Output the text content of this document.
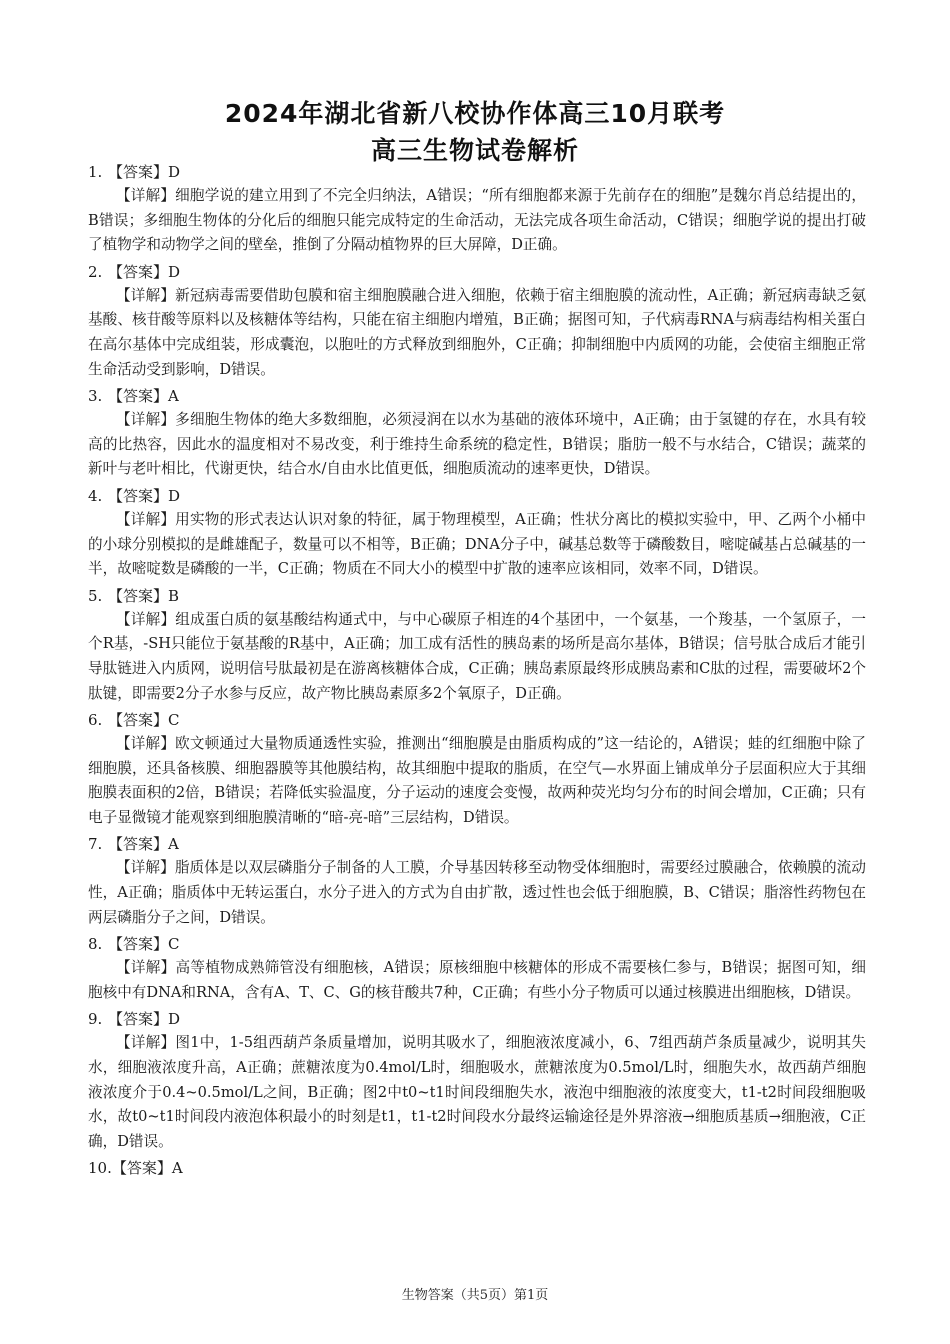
2024年湖北省新八校协作体高三10月联考
高三生物试卷解析
1. 【答案】D
【详解】细胞学说的建立用到了不完全归纳法，A错误；“所有细胞都来源于先前存在的细胞”是魏尔肖总结提出的，B错误；多细胞生物体的分化后的细胞只能完成特定的生命活动，无法完成各项生命活动，C错误；细胞学说的提出打破了植物学和动物学之间的壁垒，推倒了分隔动植物界的巨大屏障，D正确。
2. 【答案】D
【详解】新冠病毒需要借助包膜和宿主细胞膜融合进入细胞，依赖于宿主细胞膜的流动性，A正确；新冠病毒缺乏氨基酸、核苷酸等原料以及核糖体等结构，只能在宿主细胞内增殖，B正确；据图可知，子代病毒RNA与病毒结构相关蛋白在高尔基体中完成组装，形成囊泡，以胞吐的方式释放到细胞外，C正确；抑制细胞中内质网的功能，会使宿主细胞正常生命活动受到影响，D错误。
3. 【答案】A
【详解】多细胞生物体的绝大多数细胞，必须浸润在以水为基础的液体环境中，A正确；由于氢键的存在，水具有较高的比热容，因此水的温度相对不易改变，利于维持生命系统的稳定性，B错误；脂肪一般不与水结合，C错误；蔬菜的新叶与老叶相比，代谢更快，结合水/自由水比值更低，细胞质流动的速率更快，D错误。
4. 【答案】D
【详解】用实物的形式表达认识对象的特征，属于物理模型，A正确；性状分离比的模拟实验中，甲、乙两个小桶中的小球分别模拟的是雌雄配子，数量可以不相等，B正确；DNA分子中，碱基总数等于磷酸数目，嘧啶碱基占总碱基的一半，故嘧啶数是磷酸的一半，C正确；物质在不同大小的模型中扩散的速率应该相同，效率不同，D错误。
5. 【答案】B
【详解】组成蛋白质的氨基酸结构通式中，与中心碳原子相连的4个基团中，一个氨基，一个羧基，一个氢原子，一个R基，-SH只能位于氨基酸的R基中，A正确；加工成有活性的胰岛素的场所是高尔基体，B错误；信号肽合成后才能引导肽链进入内质网，说明信号肽最初是在游离核糖体合成，C正确；胰岛素原最终形成胰岛素和C肽的过程，需要破坏2个肽键，即需要2分子水参与反应，故产物比胰岛素原多2个氧原子，D正确。
6. 【答案】C
【详解】欧文顿通过大量物质通透性实验，推测出“细胞膜是由脂质构成的”这一结论的，A错误；蛙的红细胞中除了细胞膜，还具备核膜、细胞器膜等其他膜结构，故其细胞中提取的脂质，在空气—水界面上铺成单分子层面积应大于其细胞膜表面积的2倍，B错误；若降低实验温度，分子运动的速度会变慢，故两种荧光均匀分布的时间会增加，C正确；只有电子显微镜才能观察到细胞膜清晰的“暗-亮-暗”三层结构，D错误。
7. 【答案】A
【详解】脂质体是以双层磷脂分子制备的人工膜，介导基因转移至动物受体细胞时，需要经过膜融合，依赖膜的流动性，A正确；脂质体中无转运蛋白，水分子进入的方式为自由扩散，透过性也会低于细胞膜，B、C错误；脂溶性药物包在两层磷脂分子之间，D错误。
8. 【答案】C
【详解】高等植物成熟筛管没有细胞核，A错误；原核细胞中核糖体的形成不需要核仁参与，B错误；据图可知，细胞核中有DNA和RNA，含有A、T、C、G的核苷酸共7种，C正确；有些小分子物质可以通过核膜进出细胞核，D错误。
9. 【答案】D
【详解】图1中，1-5组西葫芦条质量增加，说明其吸水了，细胞液浓度减小，6、7组西葫芦条质量减少，说明其失水，细胞液浓度升高，A正确；蔗糖浓度为0.4mol/L时，细胞吸水，蔗糖浓度为0.5mol/L时，细胞失水，故西葫芦细胞液浓度介于0.4~0.5mol/L之间，B正确；图2中t0~t1时间段细胞失水，液泡中细胞液的浓度变大，t1-t2时间段细胞吸水，故t0~t1时间段内液泡体积最小的时刻是t1，t1-t2时间段水分最终运输途径是外界溶液→细胞质基质→细胞液，C正确，D错误。
10.【答案】A
生物答案（共5页）第1页
